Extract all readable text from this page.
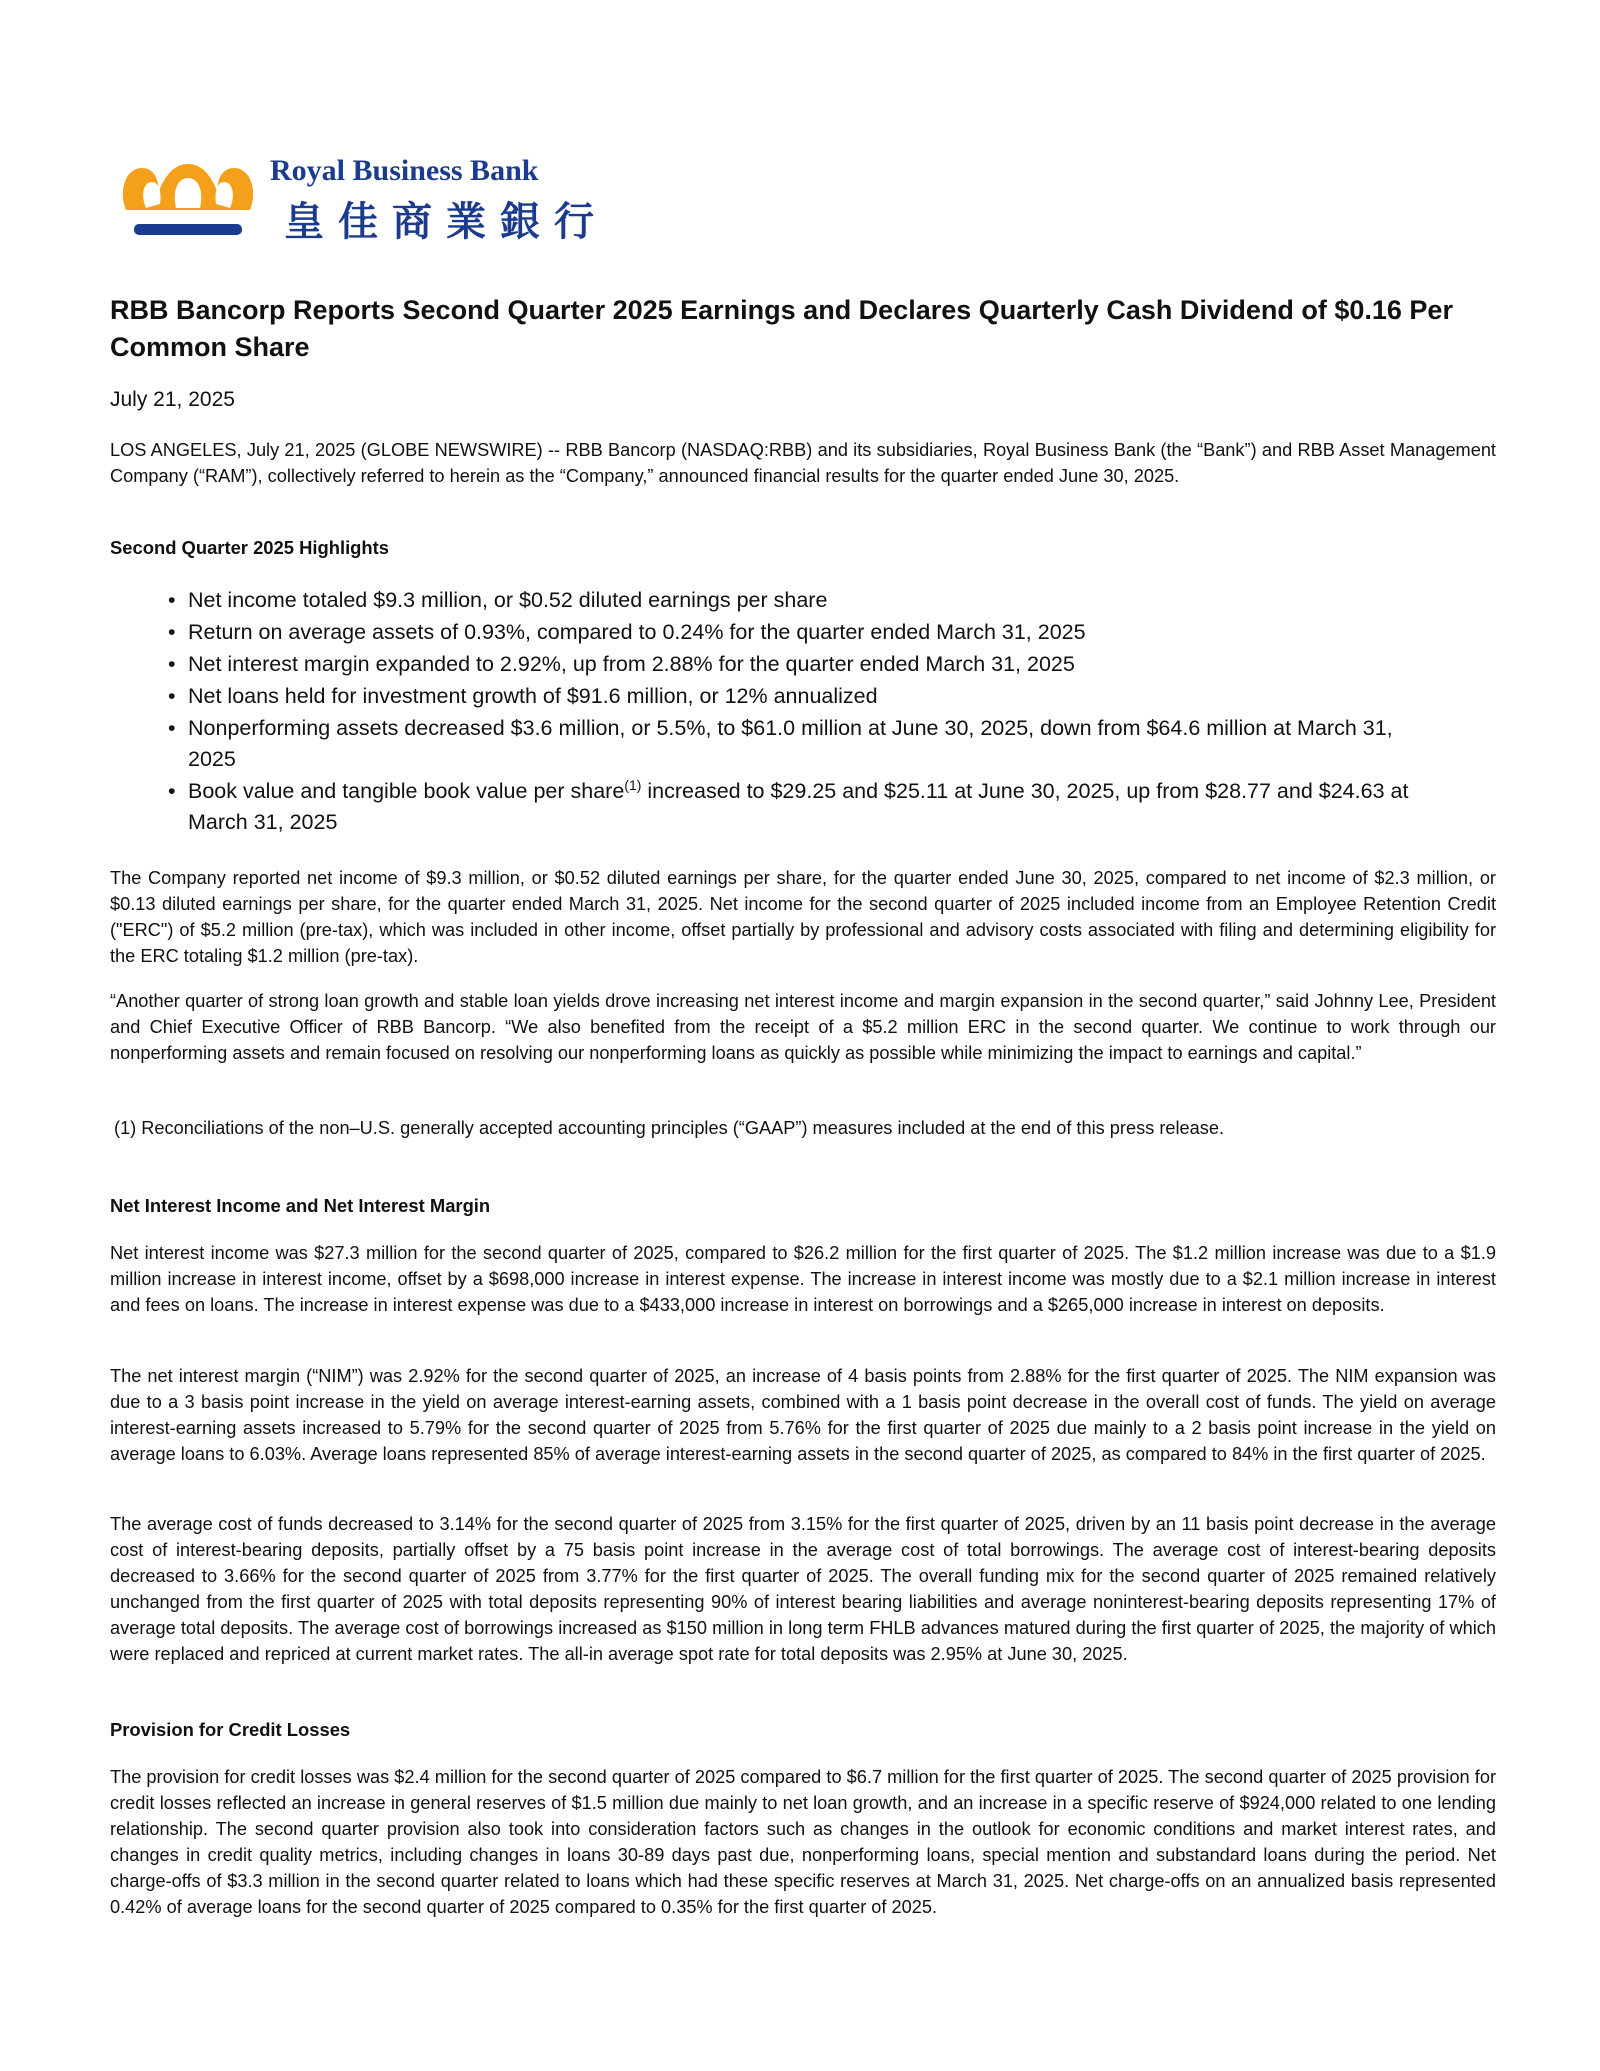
Royal Business Bank
皇佳商業銀行
RBB Bancorp Reports Second Quarter 2025 Earnings and Declares Quarterly Cash Dividend of $0.16 Per Common Share
July 21, 2025

LOS ANGELES, July 21, 2025 (GLOBE NEWSWIRE) -- RBB Bancorp (NASDAQ:RBB) and its subsidiaries, Royal Business Bank (the “Bank”) and RBB Asset Management Company (“RAM”), collectively referred to herein as the “Company,” announced financial results for the quarter ended June 30, 2025.

Second Quarter 2025 Highlights

• Net income totaled $9.3 million, or $0.52 diluted earnings per share
• Return on average assets of 0.93%, compared to 0.24% for the quarter ended March 31, 2025
• Net interest margin expanded to 2.92%, up from 2.88% for the quarter ended March 31, 2025
• Net loans held for investment growth of $91.6 million, or 12% annualized
• Nonperforming assets decreased $3.6 million, or 5.5%, to $61.0 million at June 30, 2025, down from $64.6 million at March 31, 2025
• Book value and tangible book value per share$^{(1)}$ increased to $29.25 and $25.11 at June 30, 2025, up from $28.77 and $24.63 at March 31, 2025

The Company reported net income of $9.3 million, or $0.52 diluted earnings per share, for the quarter ended June 30, 2025, compared to net income of $2.3 million, or $0.13 diluted earnings per share, for the quarter ended March 31, 2025. Net income for the second quarter of 2025 included income from an Employee Retention Credit ("ERC") of $5.2 million (pre-tax), which was included in other income, offset partially by professional and advisory costs associated with filing and determining eligibility for the ERC totaling $1.2 million (pre-tax).

“Another quarter of strong loan growth and stable loan yields drove increasing net interest income and margin expansion in the second quarter,” said Johnny Lee, President and Chief Executive Officer of RBB Bancorp. “We also benefited from the receipt of a $5.2 million ERC in the second quarter. We continue to work through our nonperforming assets and remain focused on resolving our nonperforming loans as quickly as possible while minimizing the impact to earnings and capital.”

(1) Reconciliations of the non–U.S. generally accepted accounting principles (“GAAP”) measures included at the end of this press release.

Net Interest Income and Net Interest Margin

Net interest income was $27.3 million for the second quarter of 2025, compared to $26.2 million for the first quarter of 2025. The $1.2 million increase was due to a $1.9 million increase in interest income, offset by a $698,000 increase in interest expense. The increase in interest income was mostly due to a $2.1 million increase in interest and fees on loans. The increase in interest expense was due to a $433,000 increase in interest on borrowings and a $265,000 increase in interest on deposits.

The net interest margin (“NIM”) was 2.92% for the second quarter of 2025, an increase of 4 basis points from 2.88% for the first quarter of 2025. The NIM expansion was due to a 3 basis point increase in the yield on average interest-earning assets, combined with a 1 basis point decrease in the overall cost of funds. The yield on average interest-earning assets increased to 5.79% for the second quarter of 2025 from 5.76% for the first quarter of 2025 due mainly to a 2 basis point increase in the yield on average loans to 6.03%. Average loans represented 85% of average interest-earning assets in the second quarter of 2025, as compared to 84% in the first quarter of 2025.

The average cost of funds decreased to 3.14% for the second quarter of 2025 from 3.15% for the first quarter of 2025, driven by an 11 basis point decrease in the average cost of interest-bearing deposits, partially offset by a 75 basis point increase in the average cost of total borrowings. The average cost of interest-bearing deposits decreased to 3.66% for the second quarter of 2025 from 3.77% for the first quarter of 2025. The overall funding mix for the second quarter of 2025 remained relatively unchanged from the first quarter of 2025 with total deposits representing 90% of interest bearing liabilities and average noninterest-bearing deposits representing 17% of average total deposits. The average cost of borrowings increased as $150 million in long term FHLB advances matured during the first quarter of 2025, the majority of which were replaced and repriced at current market rates. The all-in average spot rate for total deposits was 2.95% at June 30, 2025.

Provision for Credit Losses

The provision for credit losses was $2.4 million for the second quarter of 2025 compared to $6.7 million for the first quarter of 2025. The second quarter of 2025 provision for credit losses reflected an increase in general reserves of $1.5 million due mainly to net loan growth, and an increase in a specific reserve of $924,000 related to one lending relationship. The second quarter provision also took into consideration factors such as changes in the outlook for economic conditions and market interest rates, and changes in credit quality metrics, including changes in loans 30-89 days past due, nonperforming loans, special mention and substandard loans during the period. Net charge-offs of $3.3 million in the second quarter related to loans which had these specific reserves at March 31, 2025. Net charge-offs on an annualized basis represented 0.42% of average loans for the second quarter of 2025 compared to 0.35% for the first quarter of 2025.
